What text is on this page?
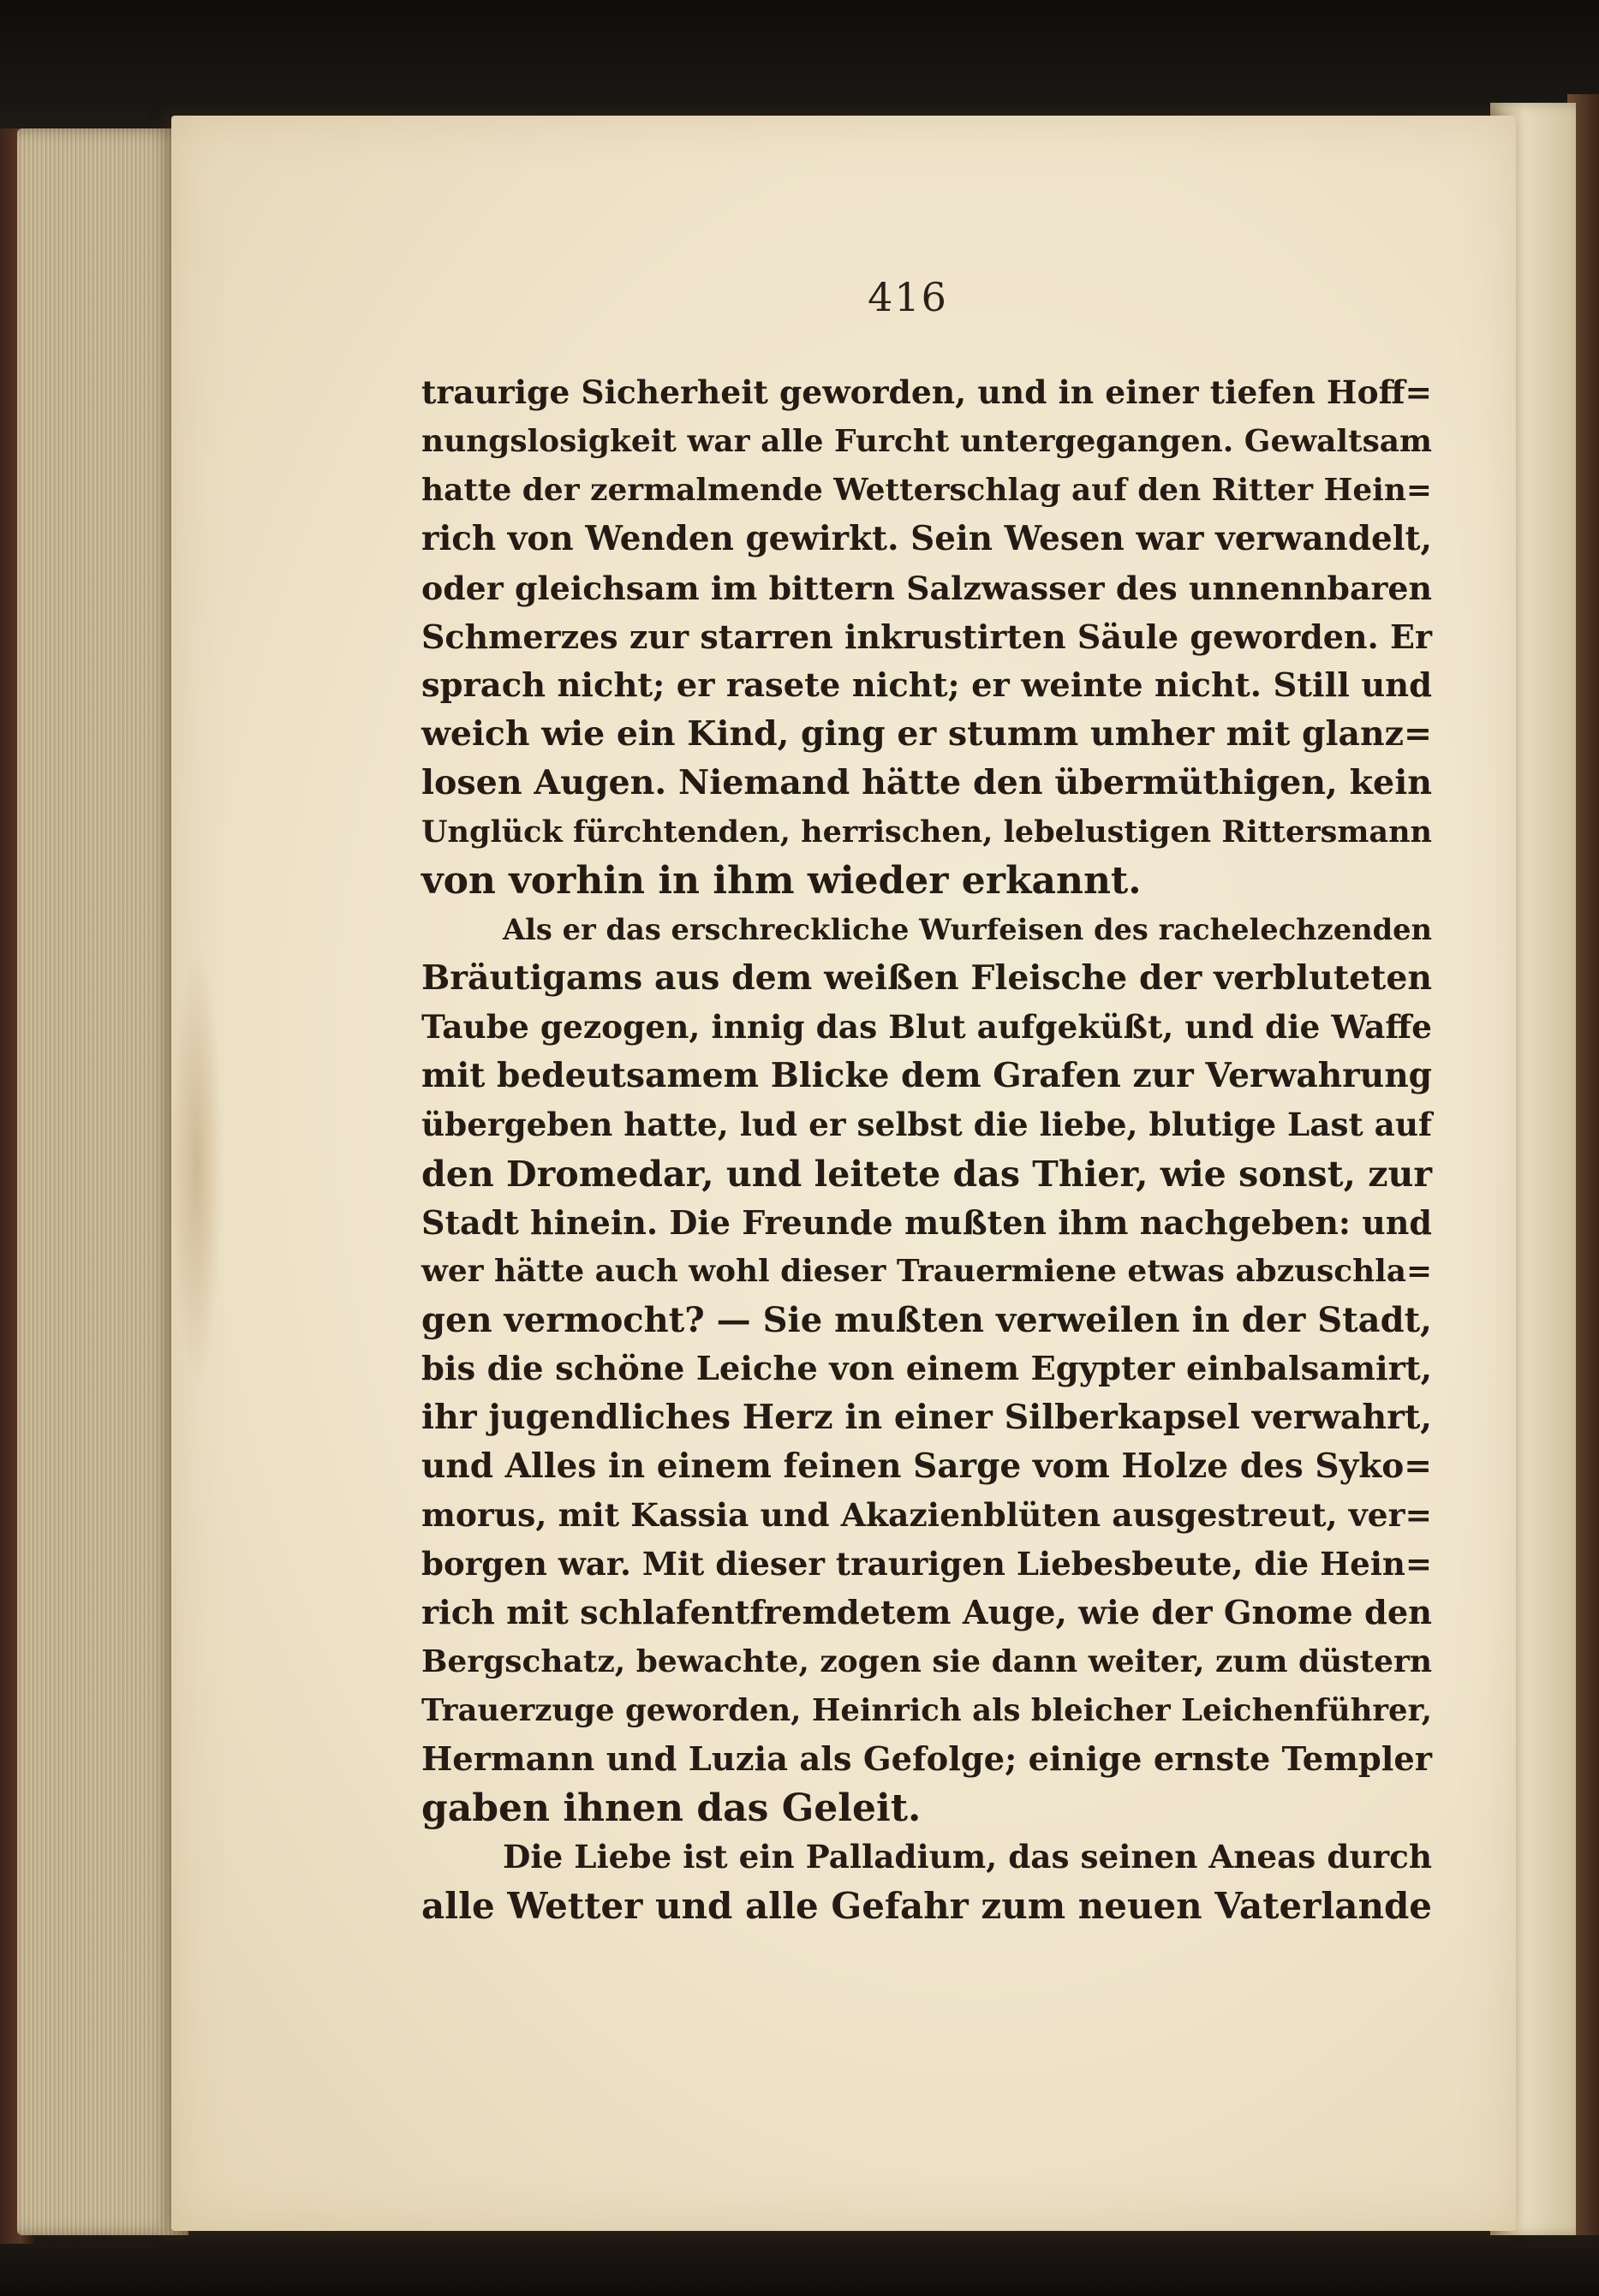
416
traurige Sicherheit geworden, und in einer tiefen Hoff=
nungslosigkeit war alle Furcht untergegangen. Gewaltsam
hatte der zermalmende Wetterschlag auf den Ritter Hein=
rich von Wenden gewirkt. Sein Wesen war verwandelt,
oder gleichsam im bittern Salzwasser des unnennbaren
Schmerzes zur starren inkrustirten Säule geworden. Er
sprach nicht; er rasete nicht; er weinte nicht. Still und
weich wie ein Kind, ging er stumm umher mit glanz=
losen Augen. Niemand hätte den übermüthigen, kein
Unglück fürchtenden, herrischen, lebelustigen Rittersmann
von vorhin in ihm wieder erkannt.
Als er das erschreckliche Wurfeisen des rachelechzenden
Bräutigams aus dem weißen Fleische der verbluteten
Taube gezogen, innig das Blut aufgeküßt, und die Waffe
mit bedeutsamem Blicke dem Grafen zur Verwahrung
übergeben hatte, lud er selbst die liebe, blutige Last auf
den Dromedar, und leitete das Thier, wie sonst, zur
Stadt hinein. Die Freunde mußten ihm nachgeben: und
wer hätte auch wohl dieser Trauermiene etwas abzuschla=
gen vermocht? — Sie mußten verweilen in der Stadt,
bis die schöne Leiche von einem Egypter einbalsamirt,
ihr jugendliches Herz in einer Silberkapsel verwahrt,
und Alles in einem feinen Sarge vom Holze des Syko=
morus, mit Kassia und Akazienblüten ausgestreut, ver=
borgen war. Mit dieser traurigen Liebesbeute, die Hein=
rich mit schlafentfremdetem Auge, wie der Gnome den
Bergschatz, bewachte, zogen sie dann weiter, zum düstern
Trauerzuge geworden, Heinrich als bleicher Leichenführer,
Hermann und Luzia als Gefolge; einige ernste Templer
gaben ihnen das Geleit.
Die Liebe ist ein Palladium, das seinen Aneas durch
alle Wetter und alle Gefahr zum neuen Vaterlande
